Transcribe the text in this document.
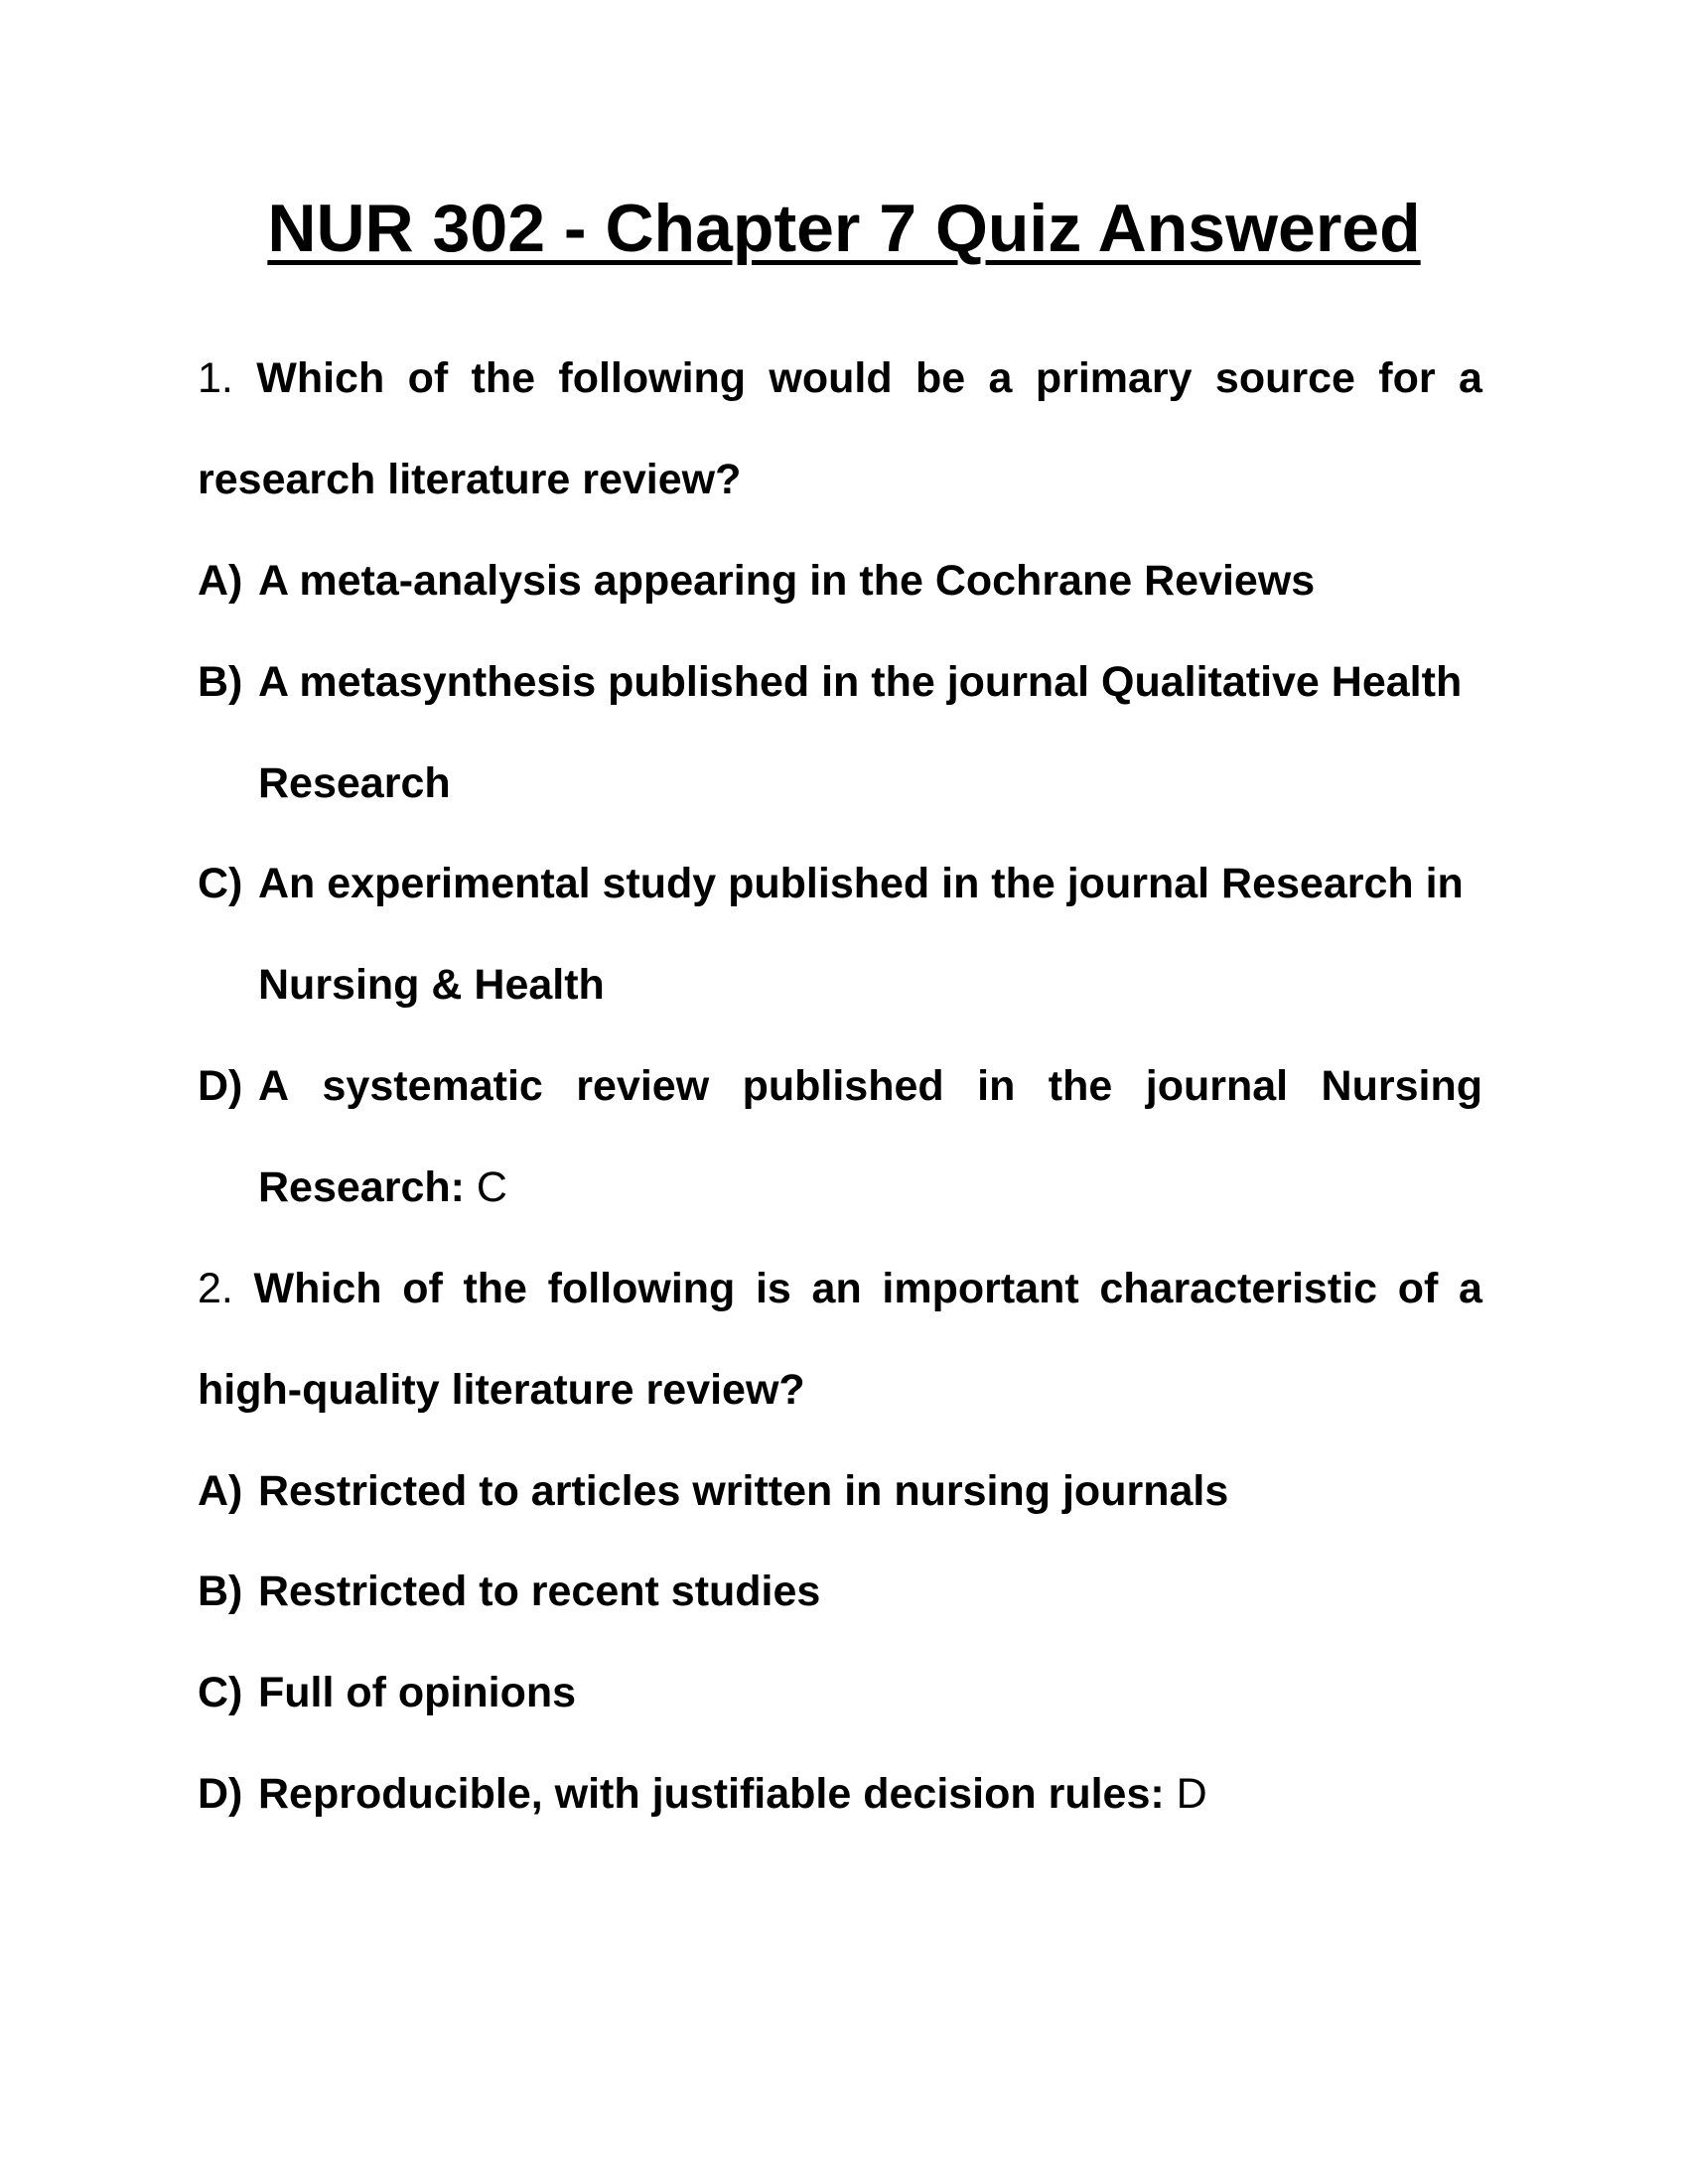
NUR 302 - Chapter 7 Quiz Answered
1. Which of the following would be a primary source for a
research literature review?
A) A meta-analysis appearing in the Cochrane Reviews
B) A metasynthesis published in the journal Qualitative Health
Research
C) An experimental study published in the journal Research in
Nursing & Health
D) A systematic review published in the journal Nursing
Research: C
2. Which of the following is an important characteristic of a
high-quality literature review?
A) Restricted to articles written in nursing journals
B) Restricted to recent studies
C) Full of opinions
D) Reproducible, with justifiable decision rules: D
